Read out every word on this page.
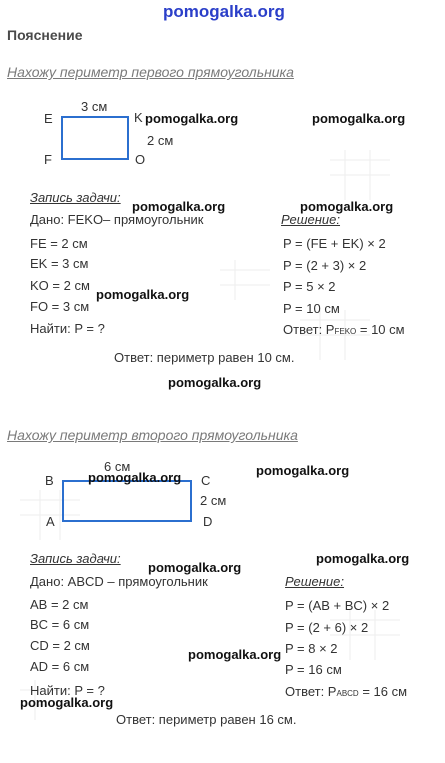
pomogalka.org
Пояснение
Нахожу периметр первого прямоугольника
E	K
F	O
3 см
2 см
Запись задачи:
Дано: FEKO– прямоугольник
FE = 2 см
EK = 3 см
KO = 2 см
FO = 3 см
Найти: P = ?
Решение:
P = (FE + EK) × 2
P = (2 + 3) × 2
P = 5 × 2
P = 10 см
Ответ: PFEKO = 10 см
Ответ: периметр равен 10 см.
Нахожу периметр второго прямоугольника
B	C
A	D
6 см
2 см
Запись задачи:
Дано: ABCD – прямоугольник
AB = 2 см
BC = 6 см
CD = 2 см
AD = 6 см
Найти: P = ?
Решение:
P = (AB + BC) × 2
P = (2 + 6) × 2
P = 8 × 2
P = 16 см
Ответ: PABCD = 16 см
Ответ: периметр равен 16 см.
pomogalka.org	pomogalka.org
pomogalka.org	pomogalka.org
pomogalka.org
pomogalka.org
pomogalka.org	pomogalka.org
pomogalka.org
pomogalka.org
pomogalka.org
pomogalka.org
